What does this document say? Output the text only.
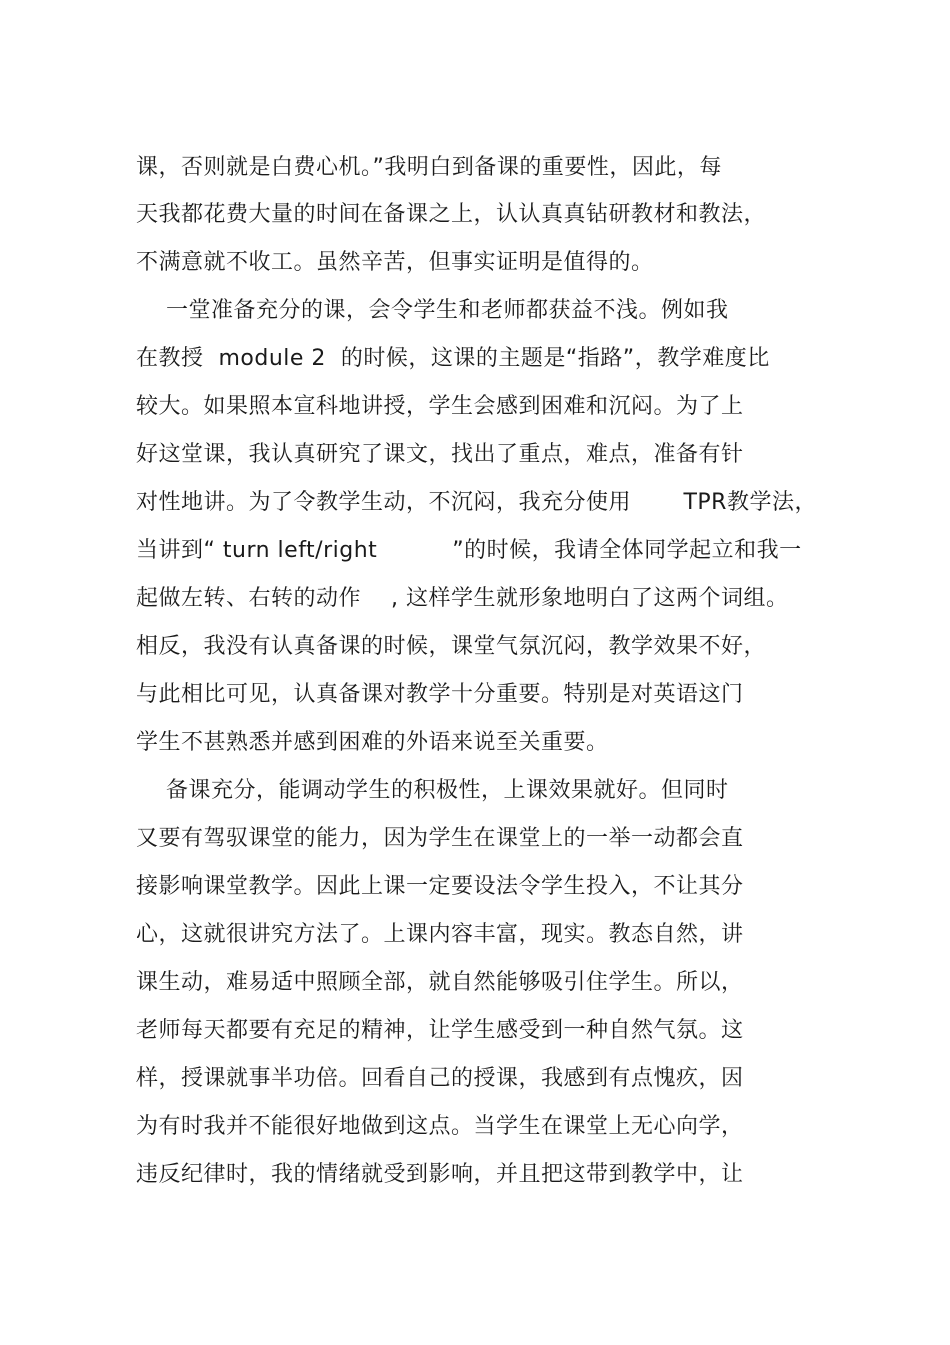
课，否则就是白费心机。”我明白到备课的重要性，因此，每
天我都花费大量的时间在备课之上，认认真真钻研教材和教法，
不满意就不收工。虽然辛苦，但事实证明是值得的。
一堂准备充分的课，会令学生和老师都获益不浅。例如我
在教授  module 2  的时候，这课的主题是“指路”，教学难度比
较大。如果照本宣科地讲授，学生会感到困难和沉闷。为了上
好这堂课，我认真研究了课文，找出了重点，难点，准备有针
对性地讲。为了令教学生动，不沉闷，我充分使用       TPR教学法，
当讲到“ turn left/right          ”的时候，我请全体同学起立和我一
起做左转、右转的动作    , 这样学生就形象地明白了这两个词组。
相反，我没有认真备课的时候，课堂气氛沉闷，教学效果不好，
与此相比可见，认真备课对教学十分重要。特别是对英语这门
学生不甚熟悉并感到困难的外语来说至关重要。
备课充分，能调动学生的积极性，上课效果就好。但同时
又要有驾驭课堂的能力，因为学生在课堂上的一举一动都会直
接影响课堂教学。因此上课一定要设法令学生投入，不让其分
心，这就很讲究方法了。上课内容丰富，现实。教态自然，讲
课生动，难易适中照顾全部，就自然能够吸引住学生。所以，
老师每天都要有充足的精神，让学生感受到一种自然气氛。这
样，授课就事半功倍。回看自己的授课，我感到有点愧疚，因
为有时我并不能很好地做到这点。当学生在课堂上无心向学，
违反纪律时，我的情绪就受到影响，并且把这带到教学中，让
